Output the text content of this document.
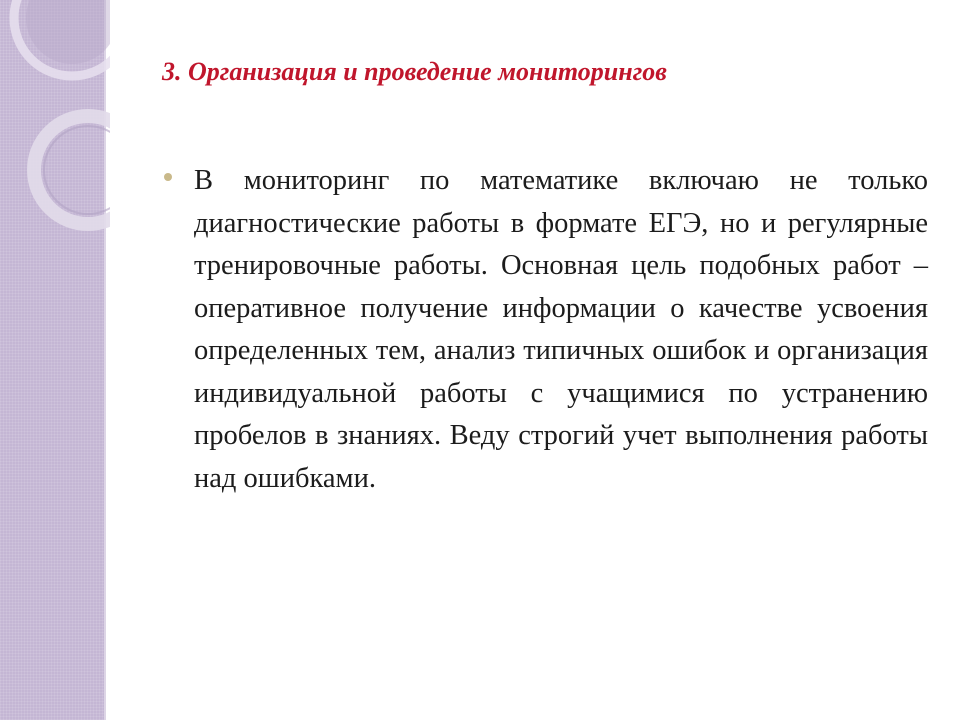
3. Организация и проведение мониторингов

В мониторинг по математике включаю не только диагностические работы в формате ЕГЭ, но и регулярные тренировочные работы. Основная цель подобных работ – оперативное получение информации о качестве усвоения определенных тем, анализ типичных ошибок и организация индивидуальной работы с учащимися по устранению пробелов в знаниях. Веду строгий учет выполнения работы над ошибками.
